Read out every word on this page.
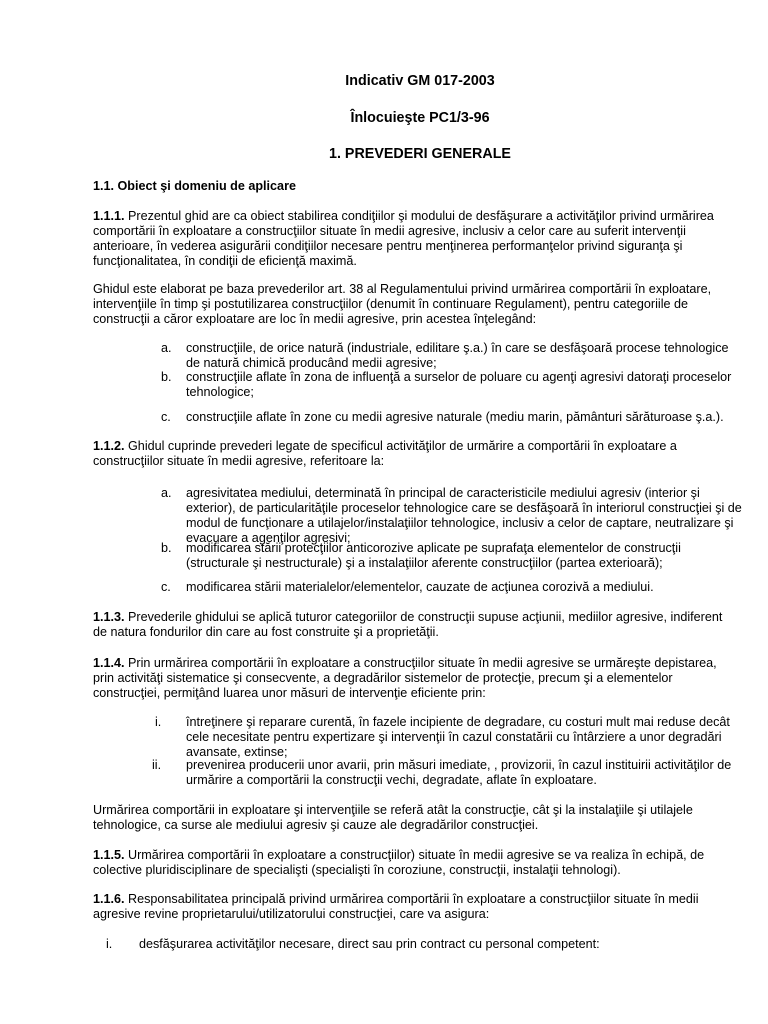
Indicativ GM 017-2003
Înlocuieşte PC1/3-96
1. PREVEDERI GENERALE
1.1. Obiect şi domeniu de aplicare

1.1.1. Prezentul ghid are ca obiect stabilirea condiţiilor şi modului de desfăşurare a activităţilor privind urmărirea comportării în exploatare a construcţiilor situate în medii agresive, inclusiv a celor care au suferit intervenţii anterioare, în vederea asigurării condiţiilor necesare pentru menţinerea performanţelor privind siguranţa şi funcţionalitatea, în condiţii de eficienţă maximă.

Ghidul este elaborat pe baza prevederilor art. 38 al Regulamentului privind urmărirea comportării în exploatare, intervenţiile în timp şi postutilizarea construcţiilor (denumit în continuare Regulament), pentru categoriile de construcţii a căror exploatare are loc în medii agresive, prin acestea înţelegând:

a. construcţiile, de orice natură (industriale, edilitare ş.a.) în care se desfăşoară procese tehnologice de natură chimică producând medii agresive;

b. construcţiile aflate în zona de influenţă a surselor de poluare cu agenţi agresivi datoraţi proceselor tehnologice;

c. construcţiile aflate în zone cu medii agresive naturale (mediu marin, pământuri sărăturoase ş.a.).

1.1.2. Ghidul cuprinde prevederi legate de specificul activităţilor de urmărire a comportării în exploatare a construcţiilor situate în medii agresive, referitoare la:

a. agresivitatea mediului, determinată în principal de caracteristicile mediului agresiv (interior şi exterior), de particularităţile proceselor tehnologice care se desfăşoară în interiorul construcţiei şi de modul de funcţionare a utilajelor/instalaţiilor tehnologice, inclusiv a celor de captare, neutralizare şi evacuare a agenţilor agresivi;

b. modificarea stării protecţiilor anticorozive aplicate pe suprafaţa elementelor de construcţii (structurale şi nestructurale) şi a instalaţiilor aferente construcţiilor (partea exterioară);

c. modificarea stării materialelor/elementelor, cauzate de acţiunea corozivă a mediului.

1.1.3. Prevederile ghidului se aplică tuturor categoriilor de construcţii supuse acţiunii, mediilor agresive, indiferent de natura fondurilor din care au fost construite şi a proprietăţii.

1.1.4. Prin urmărirea comportării în exploatare a construcţiilor situate în medii agresive se urmăreşte depistarea, prin activităţi sistematice şi consecvente, a degradărilor sistemelor de protecţie, precum şi a elementelor construcţiei, permiţând luarea unor măsuri de intervenţie eficiente prin:

i. întreţinere şi reparare curentă, în fazele incipiente de degradare, cu costuri mult mai reduse decât cele necesitate pentru expertizare şi intervenţii în cazul constatării cu întârziere a unor degradări avansate, extinse;

ii. prevenirea producerii unor avarii, prin măsuri imediate, , provizorii, în cazul instituirii activităţilor de urmărire a comportării la construcţii vechi, degradate, aflate în exploatare.

Urmărirea comportării in exploatare şi intervenţiile se referă atât la construcţie, cât şi la instalaţiile şi utilajele tehnologice, ca surse ale mediului agresiv şi cauze ale degradărilor construcţiei.

1.1.5. Urmărirea comportării în exploatare a construcţiilor) situate în medii agresive se va realiza în echipă, de colective pluridisciplinare de specialişti (specialişti în coroziune, construcţii, instalaţii tehnologi).

1.1.6. Responsabilitatea principală privind urmărirea comportării în exploatare a construcţiilor situate în medii agresive revine proprietarului/utilizatorului construcţiei, care va asigura:

i. desfăşurarea activităţilor necesare, direct sau prin contract cu personal competent:
